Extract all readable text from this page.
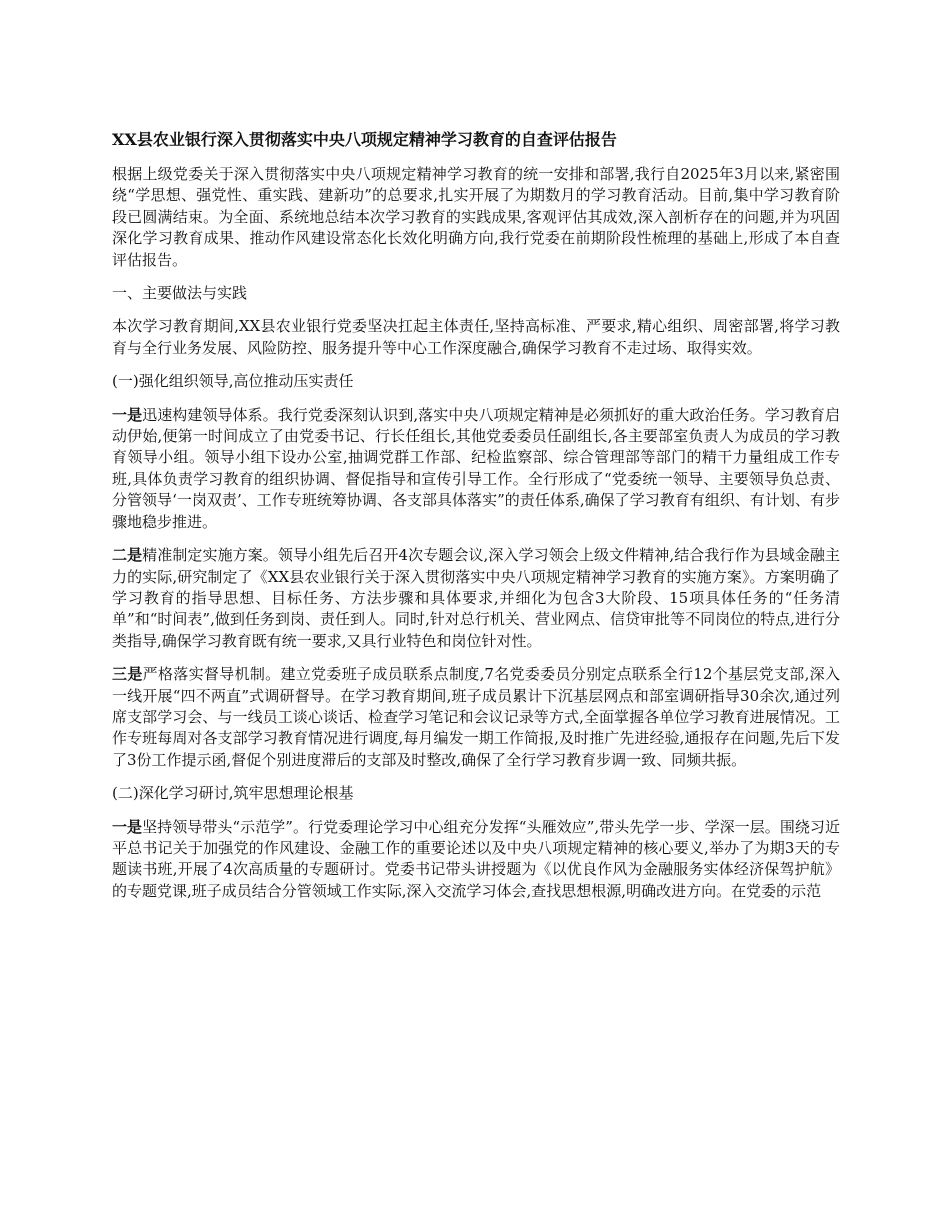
XX县农业银行深入贯彻落实中央八项规定精神学习教育的自查评估报告

根据上级党委关于深入贯彻落实中央八项规定精神学习教育的统一安排和部署,我行自2025年3月以来,紧密围绕“学思想、强党性、重实践、建新功”的总要求,扎实开展了为期数月的学习教育活动。目前,集中学习教育阶段已圆满结束。为全面、系统地总结本次学习教育的实践成果,客观评估其成效,深入剖析存在的问题,并为巩固深化学习教育成果、推动作风建设常态化长效化明确方向,我行党委在前期阶段性梳理的基础上,形成了本自查评估报告。

一、主要做法与实践

本次学习教育期间,XX县农业银行党委坚决扛起主体责任,坚持高标准、严要求,精心组织、周密部署,将学习教育与全行业务发展、风险防控、服务提升等中心工作深度融合,确保学习教育不走过场、取得实效。

(一)强化组织领导,高位推动压实责任

一是迅速构建领导体系。我行党委深刻认识到,落实中央八项规定精神是必须抓好的重大政治任务。学习教育启动伊始,便第一时间成立了由党委书记、行长任组长,其他党委委员任副组长,各主要部室负责人为成员的学习教育领导小组。领导小组下设办公室,抽调党群工作部、纪检监察部、综合管理部等部门的精干力量组成工作专班,具体负责学习教育的组织协调、督促指导和宣传引导工作。全行形成了“党委统一领导、主要领导负总责、分管领导‘一岗双责’、工作专班统筹协调、各支部具体落实”的责任体系,确保了学习教育有组织、有计划、有步骤地稳步推进。

二是精准制定实施方案。领导小组先后召开4次专题会议,深入学习领会上级文件精神,结合我行作为县域金融主力的实际,研究制定了《XX县农业银行关于深入贯彻落实中央八项规定精神学习教育的实施方案》。方案明确了学习教育的指导思想、目标任务、方法步骤和具体要求,并细化为包含3大阶段、15项具体任务的“任务清单”和“时间表”,做到任务到岗、责任到人。同时,针对总行机关、营业网点、信贷审批等不同岗位的特点,进行分类指导,确保学习教育既有统一要求,又具行业特色和岗位针对性。

三是严格落实督导机制。建立党委班子成员联系点制度,7名党委委员分别定点联系全行12个基层党支部,深入一线开展“四不两直”式调研督导。在学习教育期间,班子成员累计下沉基层网点和部室调研指导30余次,通过列席支部学习会、与一线员工谈心谈话、检查学习笔记和会议记录等方式,全面掌握各单位学习教育进展情况。工作专班每周对各支部学习教育情况进行调度,每月编发一期工作简报,及时推广先进经验,通报存在问题,先后下发了3份工作提示函,督促个别进度滞后的支部及时整改,确保了全行学习教育步调一致、同频共振。

(二)深化学习研讨,筑牢思想理论根基

一是坚持领导带头“示范学”。行党委理论学习中心组充分发挥“头雁效应”,带头先学一步、学深一层。围绕习近平总书记关于加强党的作风建设、金融工作的重要论述以及中央八项规定精神的核心要义,举办了为期3天的专题读书班,开展了4次高质量的专题研讨。党委书记带头讲授题为《以优良作风为金融服务实体经济保驾护航》的专题党课,班子成员结合分管领域工作实际,深入交流学习体会,查找思想根源,明确改进方向。在党委的示范
